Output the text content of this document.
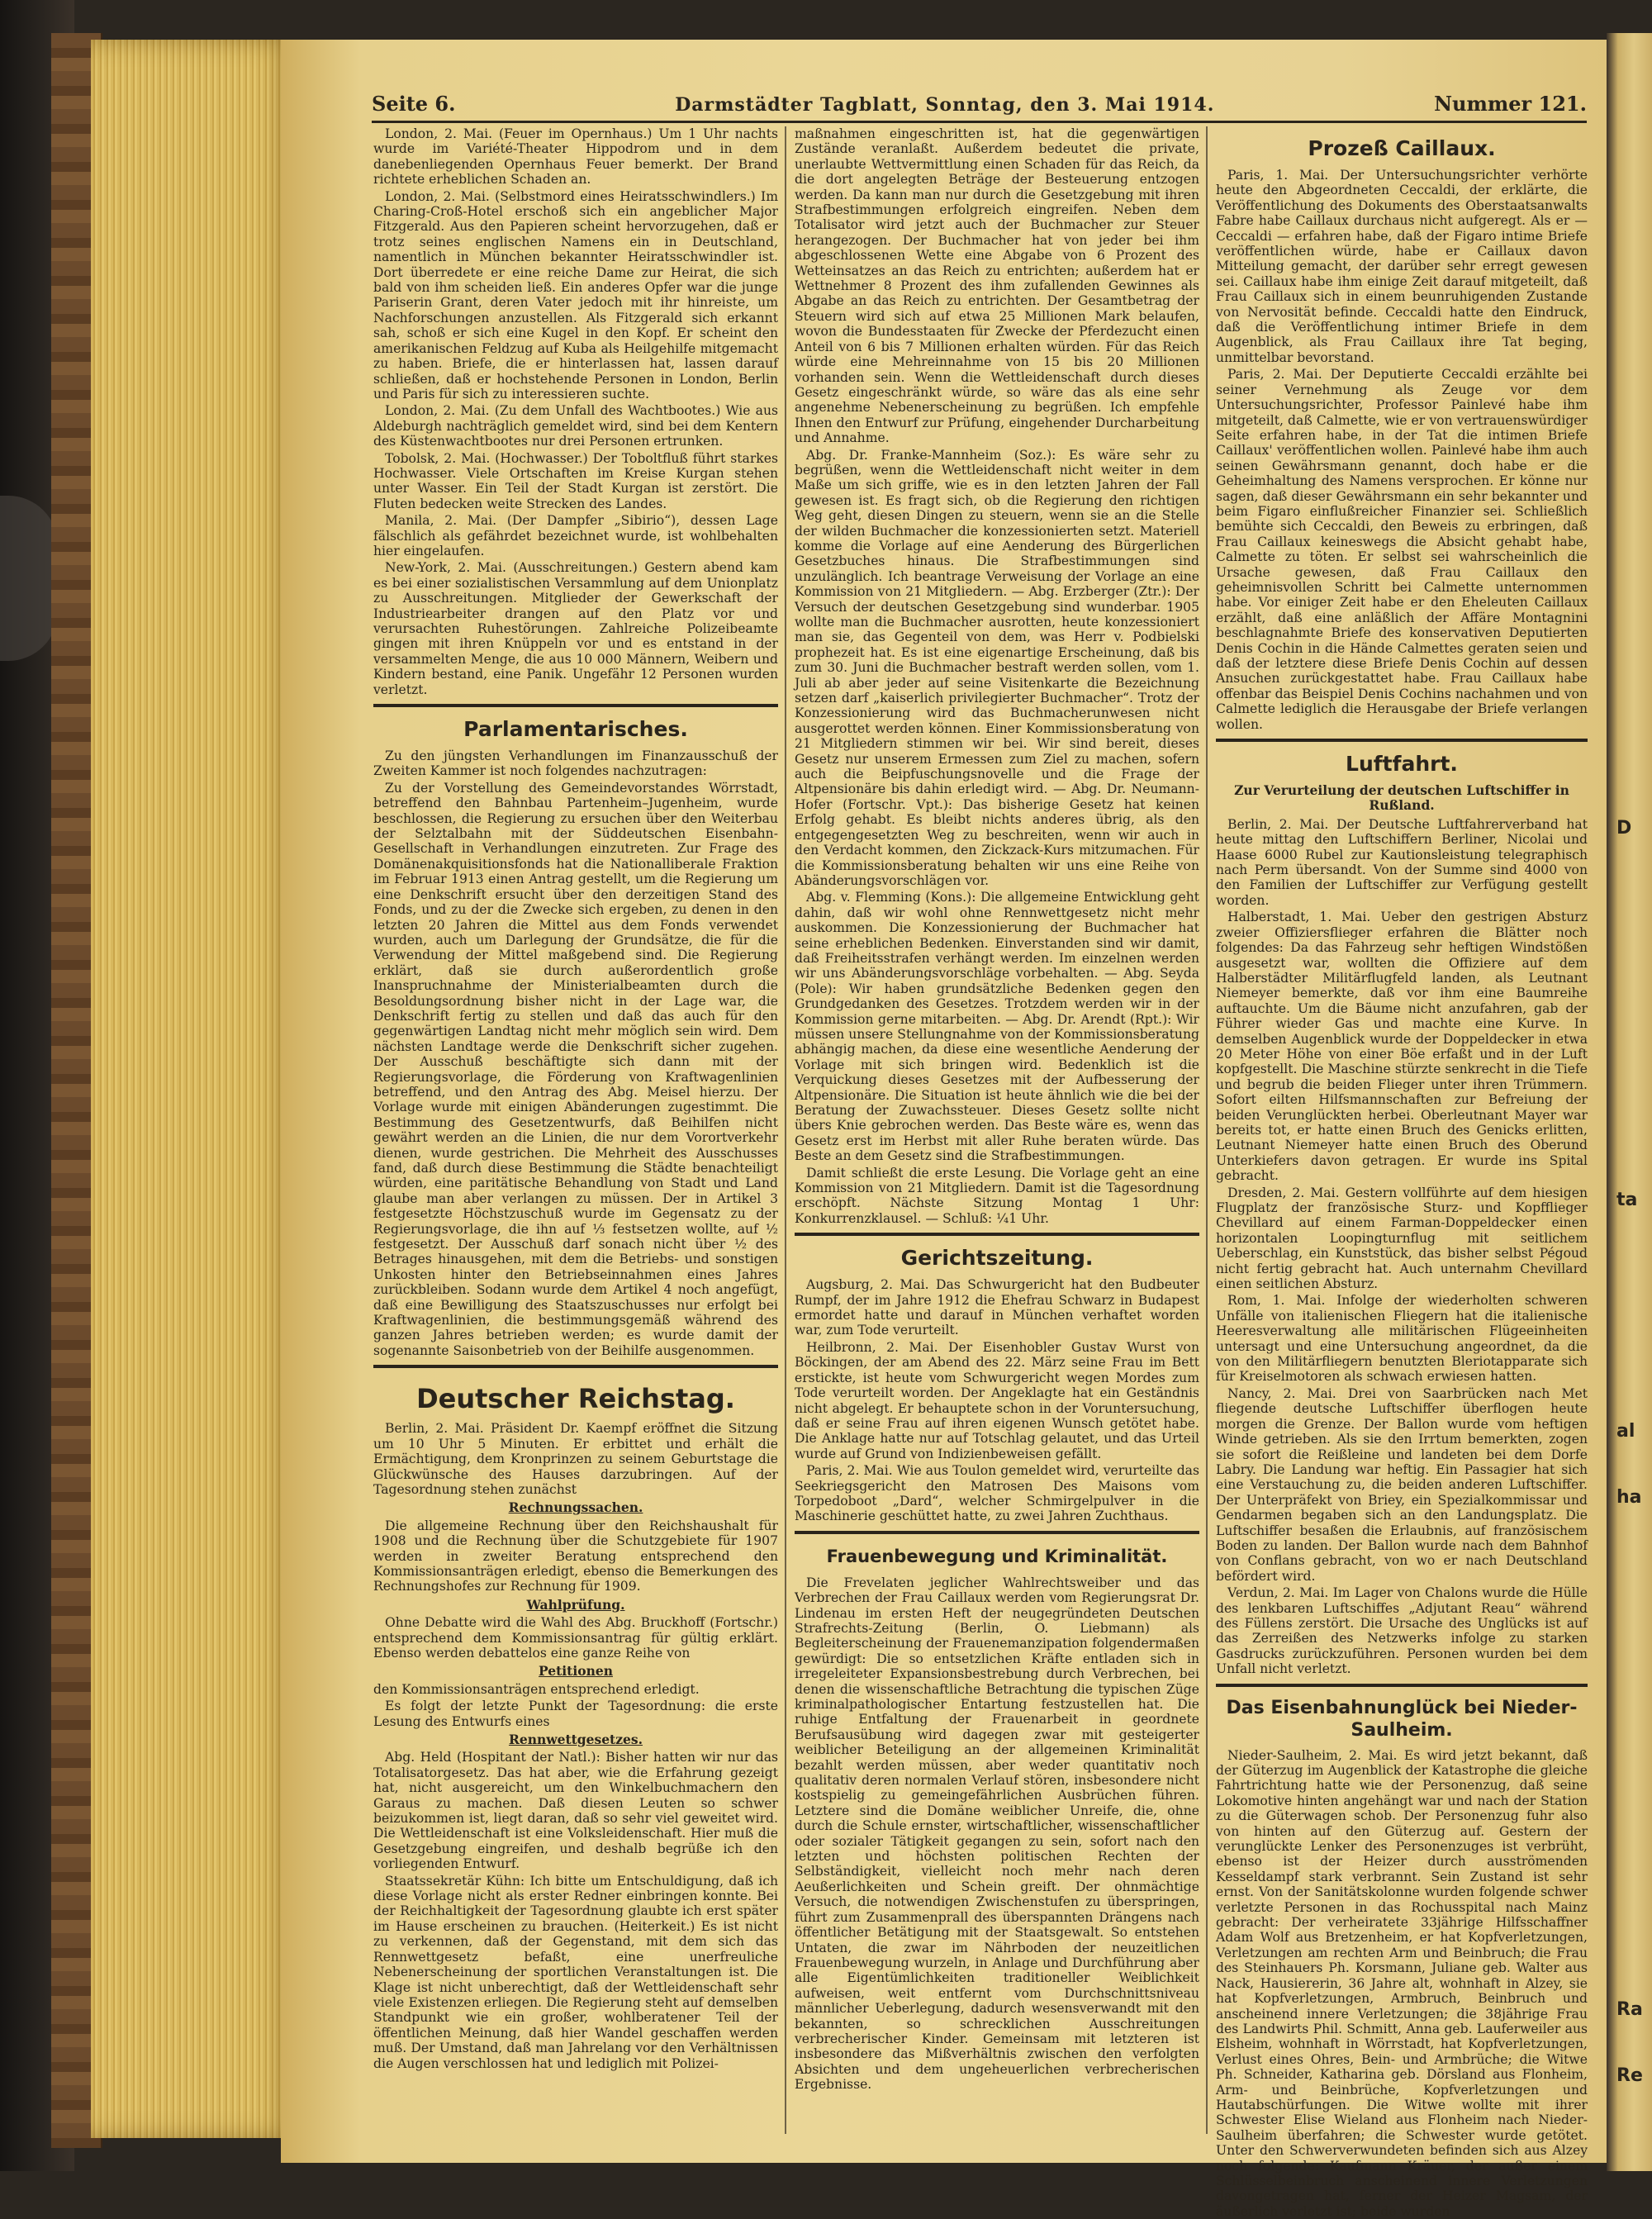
D
ta
al
ha
Ra
Re
Seite 6.	Darmstädter Tagblatt, Sonntag, den 3. Mai 1914.	Nummer 121.

London, 2. Mai. (Feuer im Opernhaus.) Um 1 Uhr nachts wurde im Variété-Theater Hippodrom und in dem danebenliegenden Opernhaus Feuer bemerkt. Der Brand richtete erheblichen Schaden an.

London, 2. Mai. (Selbstmord eines Heiratsschwindlers.) Im Charing-Croß-Hotel erschoß sich ein angeblicher Major Fitzgerald. Aus den Papieren scheint hervorzugehen, daß er trotz seines englischen Namens ein in Deutschland, namentlich in München bekannter Heiratsschwindler ist. Dort überredete er eine reiche Dame zur Heirat, die sich bald von ihm scheiden ließ. Ein anderes Opfer war die junge Pariserin Grant, deren Vater jedoch mit ihr hinreiste, um Nachforschungen anzustellen. Als Fitzgerald sich erkannt sah, schoß er sich eine Kugel in den Kopf. Er scheint den amerikanischen Feldzug auf Kuba als Heilgehilfe mitgemacht zu haben. Briefe, die er hinterlassen hat, lassen darauf schließen, daß er hochstehende Personen in London, Berlin und Paris für sich zu interessieren suchte.

London, 2. Mai. (Zu dem Unfall des Wachtbootes.) Wie aus Aldeburgh nachträglich gemeldet wird, sind bei dem Kentern des Küstenwachtbootes nur drei Personen ertrunken.

Tobolsk, 2. Mai. (Hochwasser.) Der Toboltfluß führt starkes Hochwasser. Viele Ortschaften im Kreise Kurgan stehen unter Wasser. Ein Teil der Stadt Kurgan ist zerstört. Die Fluten bedecken weite Strecken des Landes.

Manila, 2. Mai. (Der Dampfer „Sibirio“), dessen Lage fälschlich als gefährdet bezeichnet wurde, ist wohlbehalten hier eingelaufen.

New-York, 2. Mai. (Ausschreitungen.) Gestern abend kam es bei einer sozialistischen Versammlung auf dem Unionplatz zu Ausschreitungen. Mitglieder der Gewerkschaft der Industriearbeiter drangen auf den Platz vor und verursachten Ruhestörungen. Zahlreiche Polizeibeamte gingen mit ihren Knüppeln vor und es entstand in der versammelten Menge, die aus 10 000 Männern, Weibern und Kindern bestand, eine Panik. Ungefähr 12 Personen wurden verletzt.

Parlamentarisches.

Zu den jüngsten Verhandlungen im Finanzausschuß der Zweiten Kammer ist noch folgendes nachzutragen:

Zu der Vorstellung des Gemeindevorstandes Wörrstadt, betreffend den Bahnbau Partenheim–Jugenheim, wurde beschlossen, die Regierung zu ersuchen über den Weiterbau der Selztalbahn mit der Süddeutschen Eisenbahn-Gesellschaft in Verhandlungen einzutreten. Zur Frage des Domänenakquisitionsfonds hat die Nationalliberale Fraktion im Februar 1913 einen Antrag gestellt, um die Regierung um eine Denkschrift ersucht über den derzeitigen Stand des Fonds, und zu der die Zwecke sich ergeben, zu denen in den letzten 20 Jahren die Mittel aus dem Fonds verwendet wurden, auch um Darlegung der Grundsätze, die für die Verwendung der Mittel maßgebend sind. Die Regierung erklärt, daß sie durch außerordentlich große Inanspruchnahme der Ministerialbeamten durch die Besoldungsordnung bisher nicht in der Lage war, die Denkschrift fertig zu stellen und daß das auch für den gegenwärtigen Landtag nicht mehr möglich sein wird. Dem nächsten Landtage werde die Denkschrift sicher zugehen. Der Ausschuß beschäftigte sich dann mit der Regierungsvorlage, die Förderung von Kraftwagenlinien betreffend, und den Antrag des Abg. Meisel hierzu. Der Vorlage wurde mit einigen Abänderungen zugestimmt. Die Bestimmung des Gesetzentwurfs, daß Beihilfen nicht gewährt werden an die Linien, die nur dem Vorortverkehr dienen, wurde gestrichen. Die Mehrheit des Ausschusses fand, daß durch diese Bestimmung die Städte benachteiligt würden, eine paritätische Behandlung von Stadt und Land glaube man aber verlangen zu müssen. Der in Artikel 3 festgesetzte Höchstzuschuß wurde im Gegensatz zu der Regierungsvorlage, die ihn auf ⅓ festsetzen wollte, auf ½ festgesetzt. Der Ausschuß darf sonach nicht über ½ des Betrages hinausgehen, mit dem die Betriebs- und sonstigen Unkosten hinter den Betriebseinnahmen eines Jahres zurückbleiben. Sodann wurde dem Artikel 4 noch angefügt, daß eine Bewilligung des Staatszuschusses nur erfolgt bei Kraftwagenlinien, die bestimmungsgemäß während des ganzen Jahres betrieben werden; es wurde damit der sogenannte Saisonbetrieb von der Beihilfe ausgenommen.

Deutscher Reichstag.

Berlin, 2. Mai. Präsident Dr. Kaempf eröffnet die Sitzung um 10 Uhr 5 Minuten. Er erbittet und erhält die Ermächtigung, dem Kronprinzen zu seinem Geburtstage die Glückwünsche des Hauses darzubringen. Auf der Tagesordnung stehen zunächst

Rechnungssachen.

Die allgemeine Rechnung über den Reichshaushalt für 1908 und die Rechnung über die Schutzgebiete für 1907 werden in zweiter Beratung entsprechend den Kommissionsanträgen erledigt, ebenso die Bemerkungen des Rechnungshofes zur Rechnung für 1909.

Wahlprüfung.

Ohne Debatte wird die Wahl des Abg. Bruckhoff (Fortschr.) entsprechend dem Kommissionsantrag für gültig erklärt. Ebenso werden debattelos eine ganze Reihe von

Petitionen

den Kommissionsanträgen entsprechend erledigt.

Es folgt der letzte Punkt der Tagesordnung: die erste Lesung des Entwurfs eines

Rennwettgesetzes.

Abg. Held (Hospitant der Natl.): Bisher hatten wir nur das Totalisatorgesetz. Das hat aber, wie die Erfahrung gezeigt hat, nicht ausgereicht, um den Winkelbuchmachern den Garaus zu machen. Daß diesen Leuten so schwer beizukommen ist, liegt daran, daß so sehr viel geweitet wird. Die Wettleidenschaft ist eine Volksleidenschaft. Hier muß die Gesetzgebung eingreifen, und deshalb begrüße ich den vorliegenden Entwurf.

Staatssekretär Kühn: Ich bitte um Entschuldigung, daß ich diese Vorlage nicht als erster Redner einbringen konnte. Bei der Reichhaltigkeit der Tagesordnung glaubte ich erst später im Hause erscheinen zu brauchen. (Heiterkeit.) Es ist nicht zu verkennen, daß der Gegenstand, mit dem sich das Rennwettgesetz befaßt, eine unerfreuliche Nebenerscheinung der sportlichen Veranstaltungen ist. Die Klage ist nicht unberechtigt, daß der Wettleidenschaft sehr viele Existenzen erliegen. Die Regierung steht auf demselben Standpunkt wie ein großer, wohlberatener Teil der öffentlichen Meinung, daß hier Wandel geschaffen werden muß. Der Umstand, daß man Jahrelang vor den Verhältnissen die Augen verschlossen hat und lediglich mit Polizei-

maßnahmen eingeschritten ist, hat die gegenwärtigen Zustände veranlaßt. Außerdem bedeutet die private, unerlaubte Wettvermittlung einen Schaden für das Reich, da die dort angelegten Beträge der Besteuerung entzogen werden. Da kann man nur durch die Gesetzgebung mit ihren Strafbestimmungen erfolgreich eingreifen. Neben dem Totalisator wird jetzt auch der Buchmacher zur Steuer herangezogen. Der Buchmacher hat von jeder bei ihm abgeschlossenen Wette eine Abgabe von 6 Prozent des Wetteinsatzes an das Reich zu entrichten; außerdem hat er Wettnehmer 8 Prozent des ihm zufallenden Gewinnes als Abgabe an das Reich zu entrichten. Der Gesamtbetrag der Steuern wird sich auf etwa 25 Millionen Mark belaufen, wovon die Bundesstaaten für Zwecke der Pferdezucht einen Anteil von 6 bis 7 Millionen erhalten würden. Für das Reich würde eine Mehreinnahme von 15 bis 20 Millionen vorhanden sein. Wenn die Wettleidenschaft durch dieses Gesetz eingeschränkt würde, so wäre das als eine sehr angenehme Nebenerscheinung zu begrüßen. Ich empfehle Ihnen den Entwurf zur Prüfung, eingehender Durcharbeitung und Annahme.

Abg. Dr. Franke-Mannheim (Soz.): Es wäre sehr zu begrüßen, wenn die Wettleidenschaft nicht weiter in dem Maße um sich griffe, wie es in den letzten Jahren der Fall gewesen ist. Es fragt sich, ob die Regierung den richtigen Weg geht, diesen Dingen zu steuern, wenn sie an die Stelle der wilden Buchmacher die konzessionierten setzt. Materiell komme die Vorlage auf eine Aenderung des Bürgerlichen Gesetzbuches hinaus. Die Strafbestimmungen sind unzulänglich. Ich beantrage Verweisung der Vorlage an eine Kommission von 21 Mitgliedern. — Abg. Erzberger (Ztr.): Der Versuch der deutschen Gesetzgebung sind wunderbar. 1905 wollte man die Buchmacher ausrotten, heute konzessioniert man sie, das Gegenteil von dem, was Herr v. Podbielski prophezeit hat. Es ist eine eigenartige Erscheinung, daß bis zum 30. Juni die Buchmacher bestraft werden sollen, vom 1. Juli ab aber jeder auf seine Visitenkarte die Bezeichnung setzen darf „kaiserlich privilegierter Buchmacher“. Trotz der Konzessionierung wird das Buchmacherunwesen nicht ausgerottet werden können. Einer Kommissionsberatung von 21 Mitgliedern stimmen wir bei. Wir sind bereit, dieses Gesetz nur unserem Ermessen zum Ziel zu machen, sofern auch die Beipfuschungsnovelle und die Frage der Altpensionäre bis dahin erledigt wird. — Abg. Dr. Neumann-Hofer (Fortschr. Vpt.): Das bisherige Gesetz hat keinen Erfolg gehabt. Es bleibt nichts anderes übrig, als den entgegengesetzten Weg zu beschreiten, wenn wir auch in den Verdacht kommen, den Zickzack-Kurs mitzumachen. Für die Kommissionsberatung behalten wir uns eine Reihe von Abänderungsvorschlägen vor.

Abg. v. Flemming (Kons.): Die allgemeine Entwicklung geht dahin, daß wir wohl ohne Rennwettgesetz nicht mehr auskommen. Die Konzessionierung der Buchmacher hat seine erheblichen Bedenken. Einverstanden sind wir damit, daß Freiheitsstrafen verhängt werden. Im einzelnen werden wir uns Abänderungsvorschläge vorbehalten. — Abg. Seyda (Pole): Wir haben grundsätzliche Bedenken gegen den Grundgedanken des Gesetzes. Trotzdem werden wir in der Kommission gerne mitarbeiten. — Abg. Dr. Arendt (Rpt.): Wir müssen unsere Stellungnahme von der Kommissionsberatung abhängig machen, da diese eine wesentliche Aenderung der Vorlage mit sich bringen wird. Bedenklich ist die Verquickung dieses Gesetzes mit der Aufbesserung der Altpensionäre. Die Situation ist heute ähnlich wie die bei der Beratung der Zuwachssteuer. Dieses Gesetz sollte nicht übers Knie gebrochen werden. Das Beste wäre es, wenn das Gesetz erst im Herbst mit aller Ruhe beraten würde. Das Beste an dem Gesetz sind die Strafbestimmungen.

Damit schließt die erste Lesung. Die Vorlage geht an eine Kommission von 21 Mitgliedern. Damit ist die Tagesordnung erschöpft. Nächste Sitzung Montag 1 Uhr: Konkurrenzklausel. — Schluß: ¼1 Uhr.

Gerichtszeitung.

Augsburg, 2. Mai. Das Schwurgericht hat den Budbeuter Rumpf, der im Jahre 1912 die Ehefrau Schwarz in Budapest ermordet hatte und darauf in München verhaftet worden war, zum Tode verurteilt.

Heilbronn, 2. Mai. Der Eisenhobler Gustav Wurst von Böckingen, der am Abend des 22. März seine Frau im Bett erstickte, ist heute vom Schwurgericht wegen Mordes zum Tode verurteilt worden. Der Angeklagte hat ein Geständnis nicht abgelegt. Er behauptete schon in der Voruntersuchung, daß er seine Frau auf ihren eigenen Wunsch getötet habe. Die Anklage hatte nur auf Totschlag gelautet, und das Urteil wurde auf Grund von Indizienbeweisen gefällt.

Paris, 2. Mai. Wie aus Toulon gemeldet wird, verurteilte das Seekriegsgericht den Matrosen Des Maisons vom Torpedoboot „Dard“, welcher Schmirgelpulver in die Maschinerie geschüttet hatte, zu zwei Jahren Zuchthaus.

Frauenbewegung und Kriminalität.

Die Frevelaten jeglicher Wahlrechtsweiber und das Verbrechen der Frau Caillaux werden vom Regierungsrat Dr. Lindenau im ersten Heft der neugegründeten Deutschen Strafrechts-Zeitung (Berlin, O. Liebmann) als Begleiterscheinung der Frauenemanzipation folgendermaßen gewürdigt: Die so entsetzlichen Kräfte entladen sich in irregeleiteter Expansionsbestrebung durch Verbrechen, bei denen die wissenschaftliche Betrachtung die typischen Züge kriminalpathologischer Entartung festzustellen hat. Die ruhige Entfaltung der Frauenarbeit in geordnete Berufsausübung wird dagegen zwar mit gesteigerter weiblicher Beteiligung an der allgemeinen Kriminalität bezahlt werden müssen, aber weder quantitativ noch qualitativ deren normalen Verlauf stören, insbesondere nicht kostspielig zu gemeingefährlichen Ausbrüchen führen. Letztere sind die Domäne weiblicher Unreife, die, ohne durch die Schule ernster, wirtschaftlicher, wissenschaftlicher oder sozialer Tätigkeit gegangen zu sein, sofort nach den letzten und höchsten politischen Rechten der Selbständigkeit, vielleicht noch mehr nach deren Aeußerlichkeiten und Schein greift. Der ohnmächtige Versuch, die notwendigen Zwischenstufen zu überspringen, führt zum Zusammenprall des überspannten Drängens nach öffentlicher Betätigung mit der Staatsgewalt. So entstehen Untaten, die zwar im Nährboden der neuzeitlichen Frauenbewegung wurzeln, in Anlage und Durchführung aber alle Eigentümlichkeiten traditioneller Weiblichkeit aufweisen, weit entfernt vom Durchschnittsniveau männlicher Ueberlegung, dadurch wesensverwandt mit den bekannten, so schrecklichen Ausschreitungen verbrecherischer Kinder. Gemeinsam mit letzteren ist insbesondere das Mißverhältnis zwischen den verfolgten Absichten und dem ungeheuerlichen verbrecherischen Ergebnisse.

Prozeß Caillaux.

Paris, 1. Mai. Der Untersuchungsrichter verhörte heute den Abgeordneten Ceccaldi, der erklärte, die Veröffentlichung des Dokuments des Oberstaatsanwalts Fabre habe Caillaux durchaus nicht aufgeregt. Als er — Ceccaldi — erfahren habe, daß der Figaro intime Briefe veröffentlichen würde, habe er Caillaux davon Mitteilung gemacht, der darüber sehr erregt gewesen sei. Caillaux habe ihm einige Zeit darauf mitgeteilt, daß Frau Caillaux sich in einem beunruhigenden Zustande von Nervosität befinde. Ceccaldi hatte den Eindruck, daß die Veröffentlichung intimer Briefe in dem Augenblick, als Frau Caillaux ihre Tat beging, unmittelbar bevorstand.

Paris, 2. Mai. Der Deputierte Ceccaldi erzählte bei seiner Vernehmung als Zeuge vor dem Untersuchungsrichter, Professor Painlevé habe ihm mitgeteilt, daß Calmette, wie er von vertrauenswürdiger Seite erfahren habe, in der Tat die intimen Briefe Caillaux' veröffentlichen wollen. Painlevé habe ihm auch seinen Gewährsmann genannt, doch habe er die Geheimhaltung des Namens versprochen. Er könne nur sagen, daß dieser Gewährsmann ein sehr bekannter und beim Figaro einflußreicher Finanzier sei. Schließlich bemühte sich Ceccaldi, den Beweis zu erbringen, daß Frau Caillaux keineswegs die Absicht gehabt habe, Calmette zu töten. Er selbst sei wahrscheinlich die Ursache gewesen, daß Frau Caillaux den geheimnisvollen Schritt bei Calmette unternommen habe. Vor einiger Zeit habe er den Eheleuten Caillaux erzählt, daß eine anläßlich der Affäre Montagnini beschlagnahmte Briefe des konservativen Deputierten Denis Cochin in die Hände Calmettes geraten seien und daß der letztere diese Briefe Denis Cochin auf dessen Ansuchen zurückgestattet habe. Frau Caillaux habe offenbar das Beispiel Denis Cochins nachahmen und von Calmette lediglich die Herausgabe der Briefe verlangen wollen.

Luftfahrt.
Zur Verurteilung der deutschen Luftschiffer in Rußland.

Berlin, 2. Mai. Der Deutsche Luftfahrerverband hat heute mittag den Luftschiffern Berliner, Nicolai und Haase 6000 Rubel zur Kautionsleistung telegraphisch nach Perm übersandt. Von der Summe sind 4000 von den Familien der Luftschiffer zur Verfügung gestellt worden.

Halberstadt, 1. Mai. Ueber den gestrigen Absturz zweier Offiziersflieger erfahren die Blätter noch folgendes: Da das Fahrzeug sehr heftigen Windstößen ausgesetzt war, wollten die Offiziere auf dem Halberstädter Militärflugfeld landen, als Leutnant Niemeyer bemerkte, daß vor ihm eine Baumreihe auftauchte. Um die Bäume nicht anzufahren, gab der Führer wieder Gas und machte eine Kurve. In demselben Augenblick wurde der Doppeldecker in etwa 20 Meter Höhe von einer Böe erfaßt und in der Luft kopfgestellt. Die Maschine stürzte senkrecht in die Tiefe und begrub die beiden Flieger unter ihren Trümmern. Sofort eilten Hilfsmannschaften zur Befreiung der beiden Verunglückten herbei. Oberleutnant Mayer war bereits tot, er hatte einen Bruch des Genicks erlitten, Leutnant Niemeyer hatte einen Bruch des Oberund Unterkiefers davon getragen. Er wurde ins Spital gebracht.

Dresden, 2. Mai. Gestern vollführte auf dem hiesigen Flugplatz der französische Sturz- und Kopfflieger Chevillard auf einem Farman-Doppeldecker einen horizontalen Loopingturnflug mit seitlichem Ueberschlag, ein Kunststück, das bisher selbst Pégoud nicht fertig gebracht hat. Auch unternahm Chevillard einen seitlichen Absturz.

Rom, 1. Mai. Infolge der wiederholten schweren Unfälle von italienischen Fliegern hat die italienische Heeresverwaltung alle militärischen Flügeeinheiten untersagt und eine Untersuchung angeordnet, da die von den Militärfliegern benutzten Bleriotapparate sich für Kreiselmotoren als schwach erwiesen hatten.

Nancy, 2. Mai. Drei von Saarbrücken nach Met fliegende deutsche Luftschiffer überflogen heute morgen die Grenze. Der Ballon wurde vom heftigen Winde getrieben. Als sie den Irrtum bemerkten, zogen sie sofort die Reißleine und landeten bei dem Dorfe Labry. Die Landung war heftig. Ein Passagier hat sich eine Verstauchung zu, die beiden anderen Luftschiffer. Der Unterpräfekt von Briey, ein Spezialkommissar und Gendarmen begaben sich an den Landungsplatz. Die Luftschiffer besaßen die Erlaubnis, auf französischem Boden zu landen. Der Ballon wurde nach dem Bahnhof von Conflans gebracht, von wo er nach Deutschland befördert wird.

Verdun, 2. Mai. Im Lager von Chalons wurde die Hülle des lenkbaren Luftschiffes „Adjutant Reau“ während des Füllens zerstört. Die Ursache des Unglücks ist auf das Zerreißen des Netzwerks infolge zu starken Gasdrucks zurückzuführen. Personen wurden bei dem Unfall nicht verletzt.

Das Eisenbahnunglück bei Nieder-Saulheim.

Nieder-Saulheim, 2. Mai. Es wird jetzt bekannt, daß der Güterzug im Augenblick der Katastrophe die gleiche Fahrtrichtung hatte wie der Personenzug, daß seine Lokomotive hinten angehängt war und nach der Station zu die Güterwagen schob. Der Personenzug fuhr also von hinten auf den Güterzug auf. Gestern der verunglückte Lenker des Personenzuges ist verbrüht, ebenso ist der Heizer durch ausströmenden Kesseldampf stark verbrannt. Sein Zustand ist sehr ernst. Von der Sanitätskolonne wurden folgende schwer verletzte Personen in das Rochusspital nach Mainz gebracht: Der verheiratete 33jährige Hilfsschaffner Adam Wolf aus Bretzenheim, er hat Kopfverletzungen, Verletzungen am rechten Arm und Beinbruch; die Frau des Steinhauers Ph. Korsmann, Juliane geb. Walter aus Nack, Hausiererin, 36 Jahre alt, wohnhaft in Alzey, sie hat Kopfverletzungen, Armbruch, Beinbruch und anscheinend innere Verletzungen; die 38jährige Frau des Landwirts Phil. Schmitt, Anna geb. Lauferweiler aus Elsheim, wohnhaft in Wörrstadt, hat Kopfverletzungen, Verlust eines Ohres, Bein- und Armbrüche; die Witwe Ph. Schneider, Katharina geb. Dörsland aus Flonheim, Arm- und Beinbrüche, Kopfverletzungen und Hautabschürfungen. Die Witwe wollte mit ihrer Schwester Elise Wieland aus Flonheim nach Nieder-Saulheim überfahren; die Schwester wurde getötet. Unter den Schwerverwundeten befinden sich aus Alzey noch folgende: Kaufmann Kräuer, der außer einem Schlüsselbeinbruch anscheinend innere Verletzungen davongetragen hat, ferner der Heizer Magsam, der äußerlich verletzt ist; beide wurden
